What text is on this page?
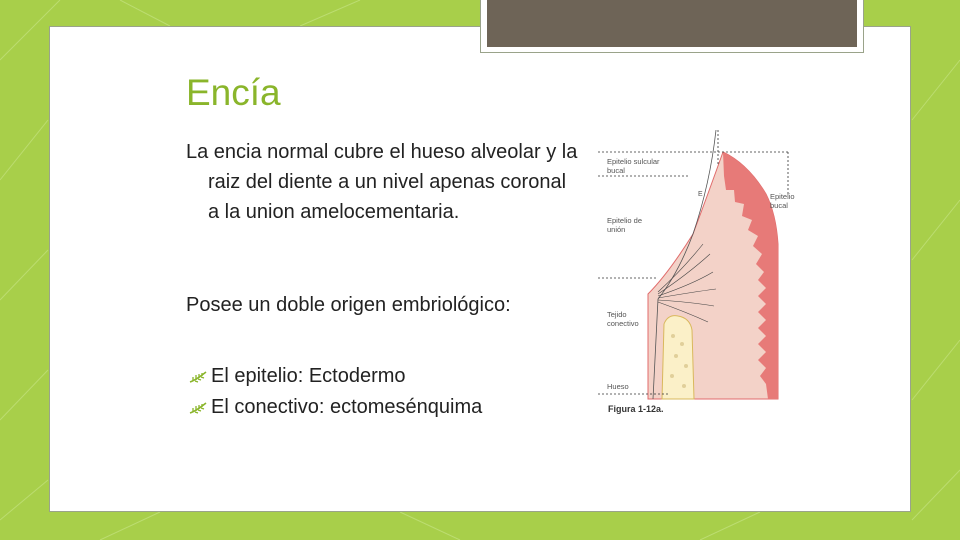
Encía

La encia normal cubre el hueso alveolar y la raiz del diente a un nivel apenas coronal a la union amelocementaria.

Posee un doble origen embriológico:

El epitelio: Ectodermo
El conectivo: ectomesénquima
Epitelio sulcular bucal
Epitelio de unión
Tejido conectivo
Hueso
Epitelio bucal
E
Figura 1-12a.
